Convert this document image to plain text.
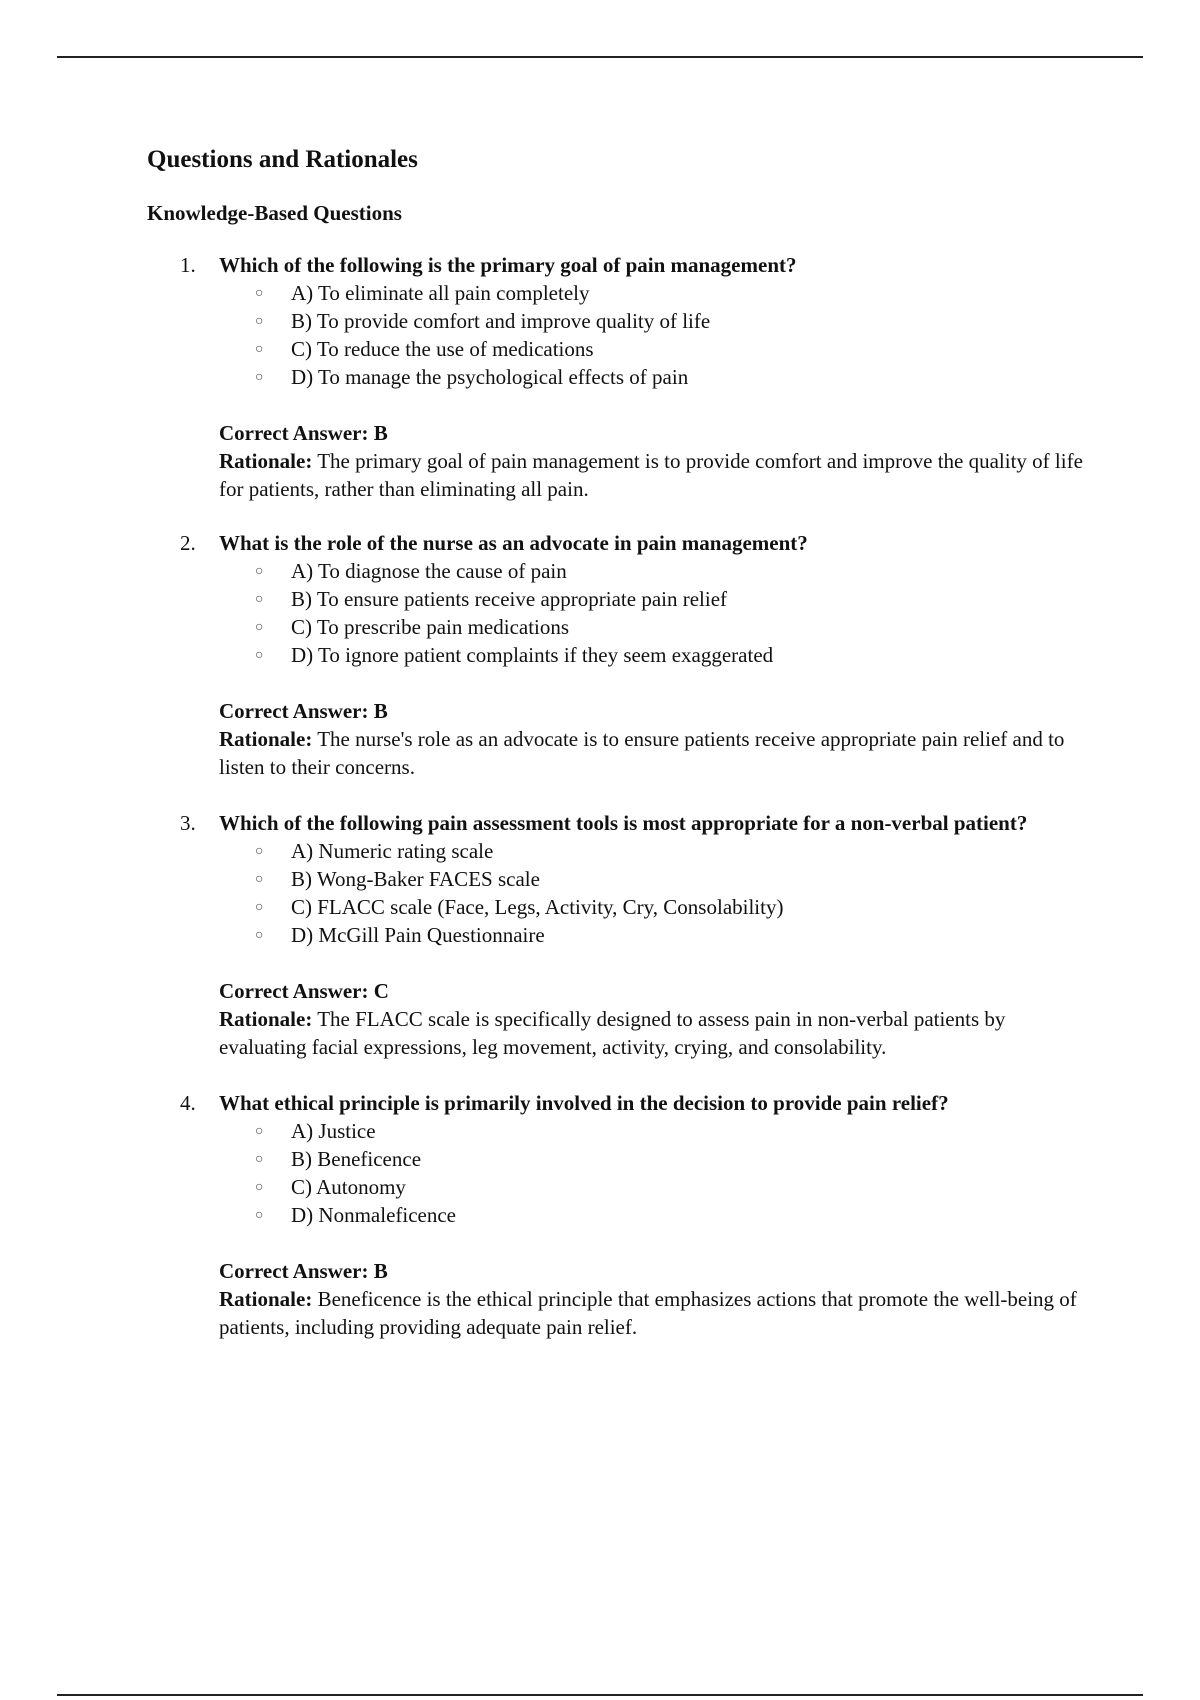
Questions and Rationales
Knowledge-Based Questions
1. Which of the following is the primary goal of pain management?
○ A) To eliminate all pain completely
○ B) To provide comfort and improve quality of life
○ C) To reduce the use of medications
○ D) To manage the psychological effects of pain
Correct Answer: B
Rationale: The primary goal of pain management is to provide comfort and improve the quality of life for patients, rather than eliminating all pain.
2. What is the role of the nurse as an advocate in pain management?
○ A) To diagnose the cause of pain
○ B) To ensure patients receive appropriate pain relief
○ C) To prescribe pain medications
○ D) To ignore patient complaints if they seem exaggerated
Correct Answer: B
Rationale: The nurse's role as an advocate is to ensure patients receive appropriate pain relief and to listen to their concerns.
3. Which of the following pain assessment tools is most appropriate for a non-verbal patient?
○ A) Numeric rating scale
○ B) Wong-Baker FACES scale
○ C) FLACC scale (Face, Legs, Activity, Cry, Consolability)
○ D) McGill Pain Questionnaire
Correct Answer: C
Rationale: The FLACC scale is specifically designed to assess pain in non-verbal patients by evaluating facial expressions, leg movement, activity, crying, and consolability.
4. What ethical principle is primarily involved in the decision to provide pain relief?
○ A) Justice
○ B) Beneficence
○ C) Autonomy
○ D) Nonmaleficence
Correct Answer: B
Rationale: Beneficence is the ethical principle that emphasizes actions that promote the well-being of patients, including providing adequate pain relief.
